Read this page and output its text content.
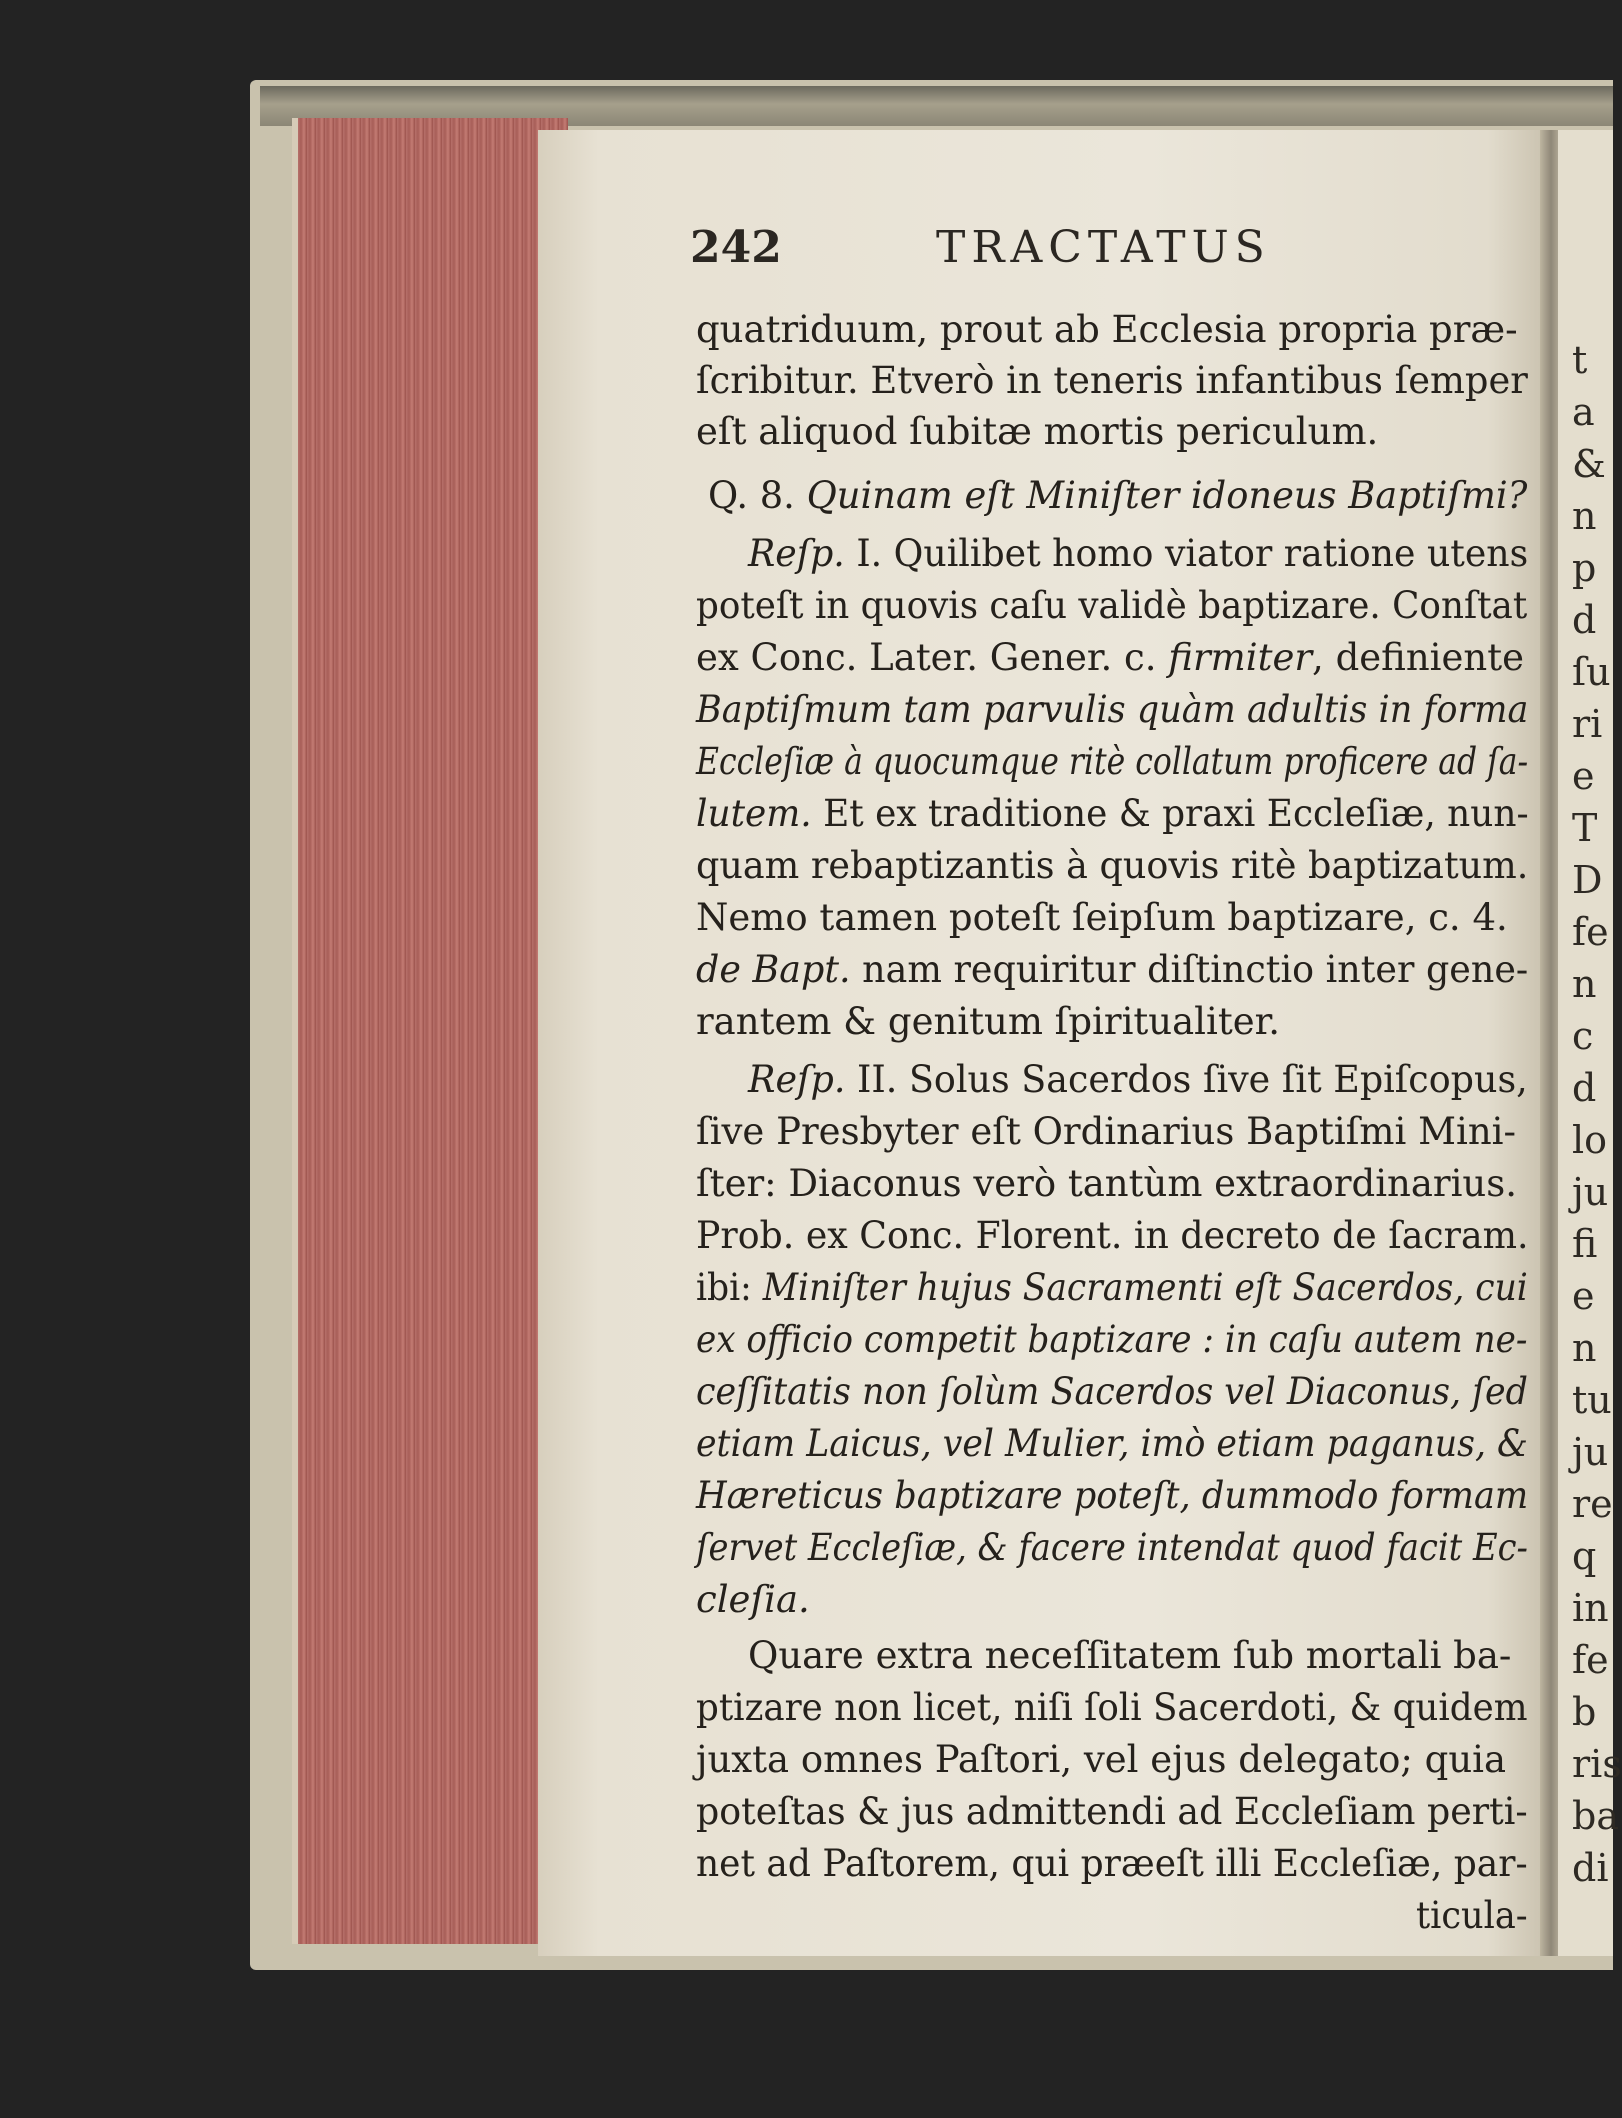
t
a
&
n
p
d
ſu
ri
e
T
D
fe
n
c
d
lo
ju
fi
e
n
tu
ju
re
q
in
fe
b
ris
ba
di
242	TRACTATUS
quatriduum, prout ab Ecclesia propria præ-
ſcribitur. Etverò in teneris infantibus ſemper
eſt aliquod ſubitæ mortis periculum.
Q. 8. Quinam eſt Miniſter idoneus Baptiſmi?
Reſp. I. Quilibet homo viator ratione utens
poteſt in quovis caſu validè baptizare. Conſtat
ex Conc. Later. Gener. c. firmiter, definiente
Baptiſmum tam parvulis quàm adultis in forma
Eccleſiæ à quocumque ritè collatum proficere ad ſa-
lutem. Et ex traditione & praxi Eccleſiæ, nun-
quam rebaptizantis à quovis ritè baptizatum.
Nemo tamen poteſt ſeipſum baptizare, c. 4.
de Bapt. nam requiritur diſtinctio inter gene-
rantem & genitum ſpiritualiter.
Reſp. II. Solus Sacerdos ſive ſit Epiſcopus,
ſive Presbyter eſt Ordinarius Baptiſmi Mini-
ſter: Diaconus verò tantùm extraordinarius.
Prob. ex Conc. Florent. in decreto de ſacram.
ibi: Miniſter hujus Sacramenti eſt Sacerdos, cui
ex officio competit baptizare : in caſu autem ne-
ceſſitatis non ſolùm Sacerdos vel Diaconus, ſed
etiam Laicus, vel Mulier, imò etiam paganus, &
Hæreticus baptizare poteſt, dummodo formam
ſervet Eccleſiæ, & facere intendat quod facit Ec-
cleſia.
Quare extra neceſſitatem ſub mortali ba-
ptizare non licet, niſi ſoli Sacerdoti, & quidem
juxta omnes Paſtori, vel ejus delegato; quia
poteſtas & jus admittendi ad Eccleſiam perti-
net ad Paſtorem, qui præeſt illi Eccleſiæ, par-
ticula-
